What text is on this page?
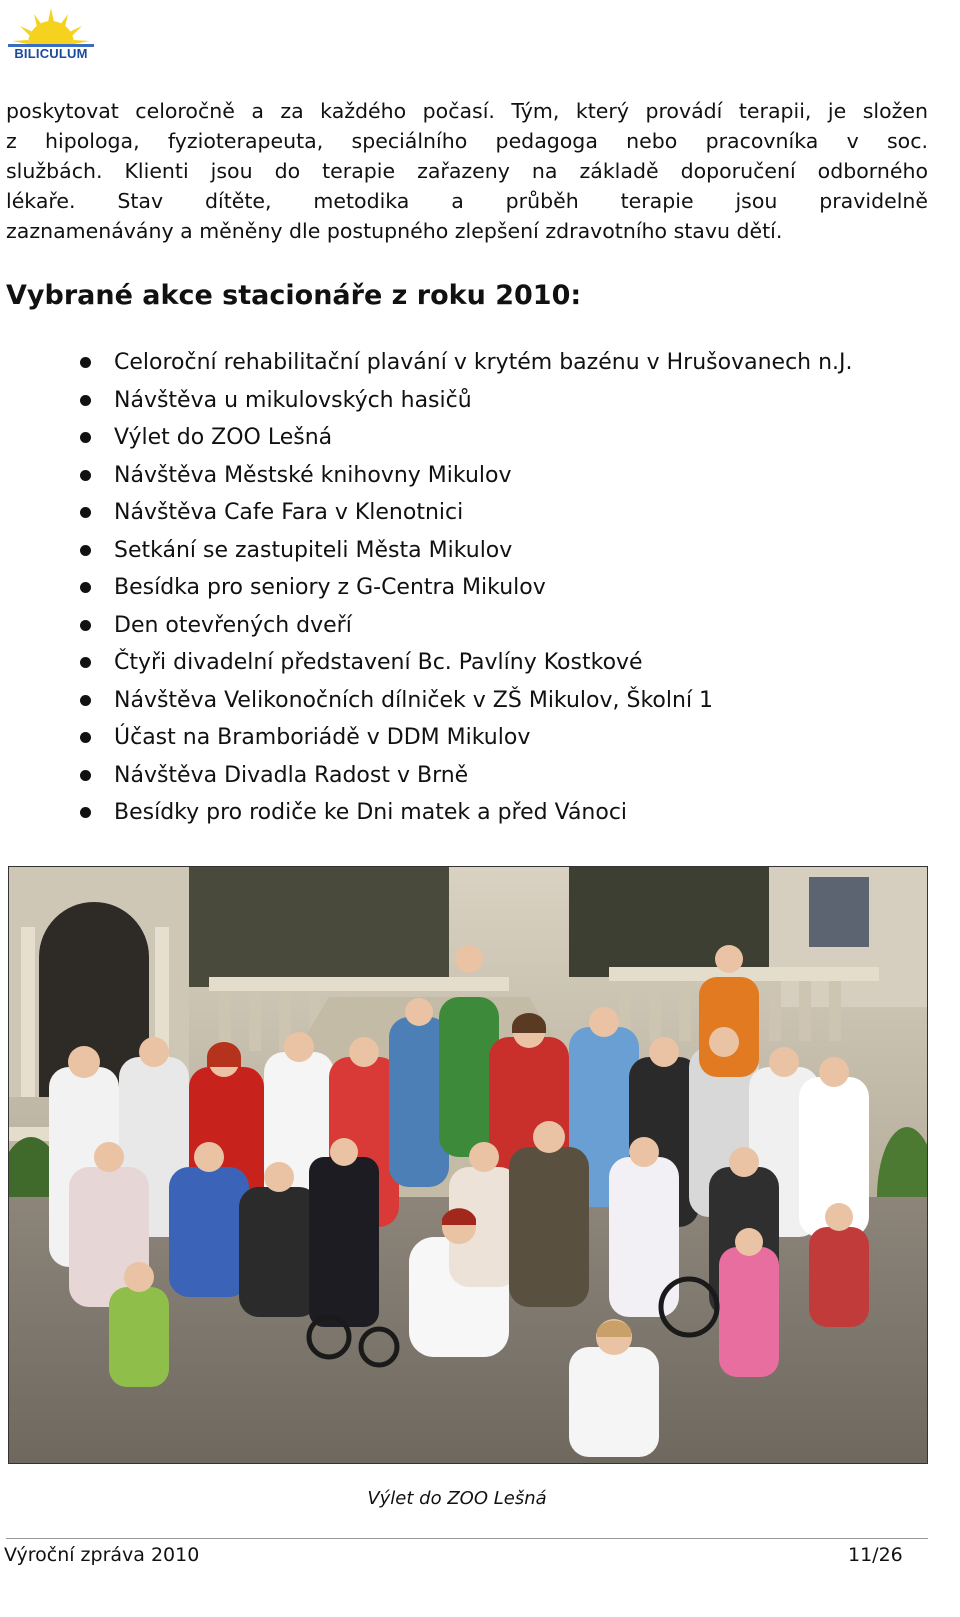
BILICULUM
poskytovat celoročně a za každého počasí. Tým, který provádí terapii, je složen
z hipologa, fyzioterapeuta, speciálního pedagoga nebo pracovníka v soc.
službách. Klienti jsou do terapie zařazeny na základě doporučení odborného
lékaře. Stav dítěte, metodika a průběh terapie jsou pravidelně
zaznamenávány a měněny dle postupného zlepšení zdravotního stavu dětí.
Vybrané akce stacionáře z roku 2010:
Celoroční rehabilitační plavání v krytém bazénu v Hrušovanech n.J.
Návštěva u mikulovských hasičů
Výlet do ZOO Lešná
Návštěva Městské knihovny Mikulov
Návštěva Cafe Fara v Klenotnici
Setkání se zastupiteli Města Mikulov
Besídka pro seniory z G-Centra Mikulov
Den otevřených dveří
Čtyři divadelní představení Bc. Pavlíny Kostkové
Návštěva Velikonočních dílniček v ZŠ Mikulov, Školní 1
Účast na Bramboriádě v DDM Mikulov
Návštěva Divadla Radost v Brně
Besídky pro rodiče ke Dni matek a před Vánoci
Výlet do ZOO Lešná
Výroční zpráva 2010	11/26
